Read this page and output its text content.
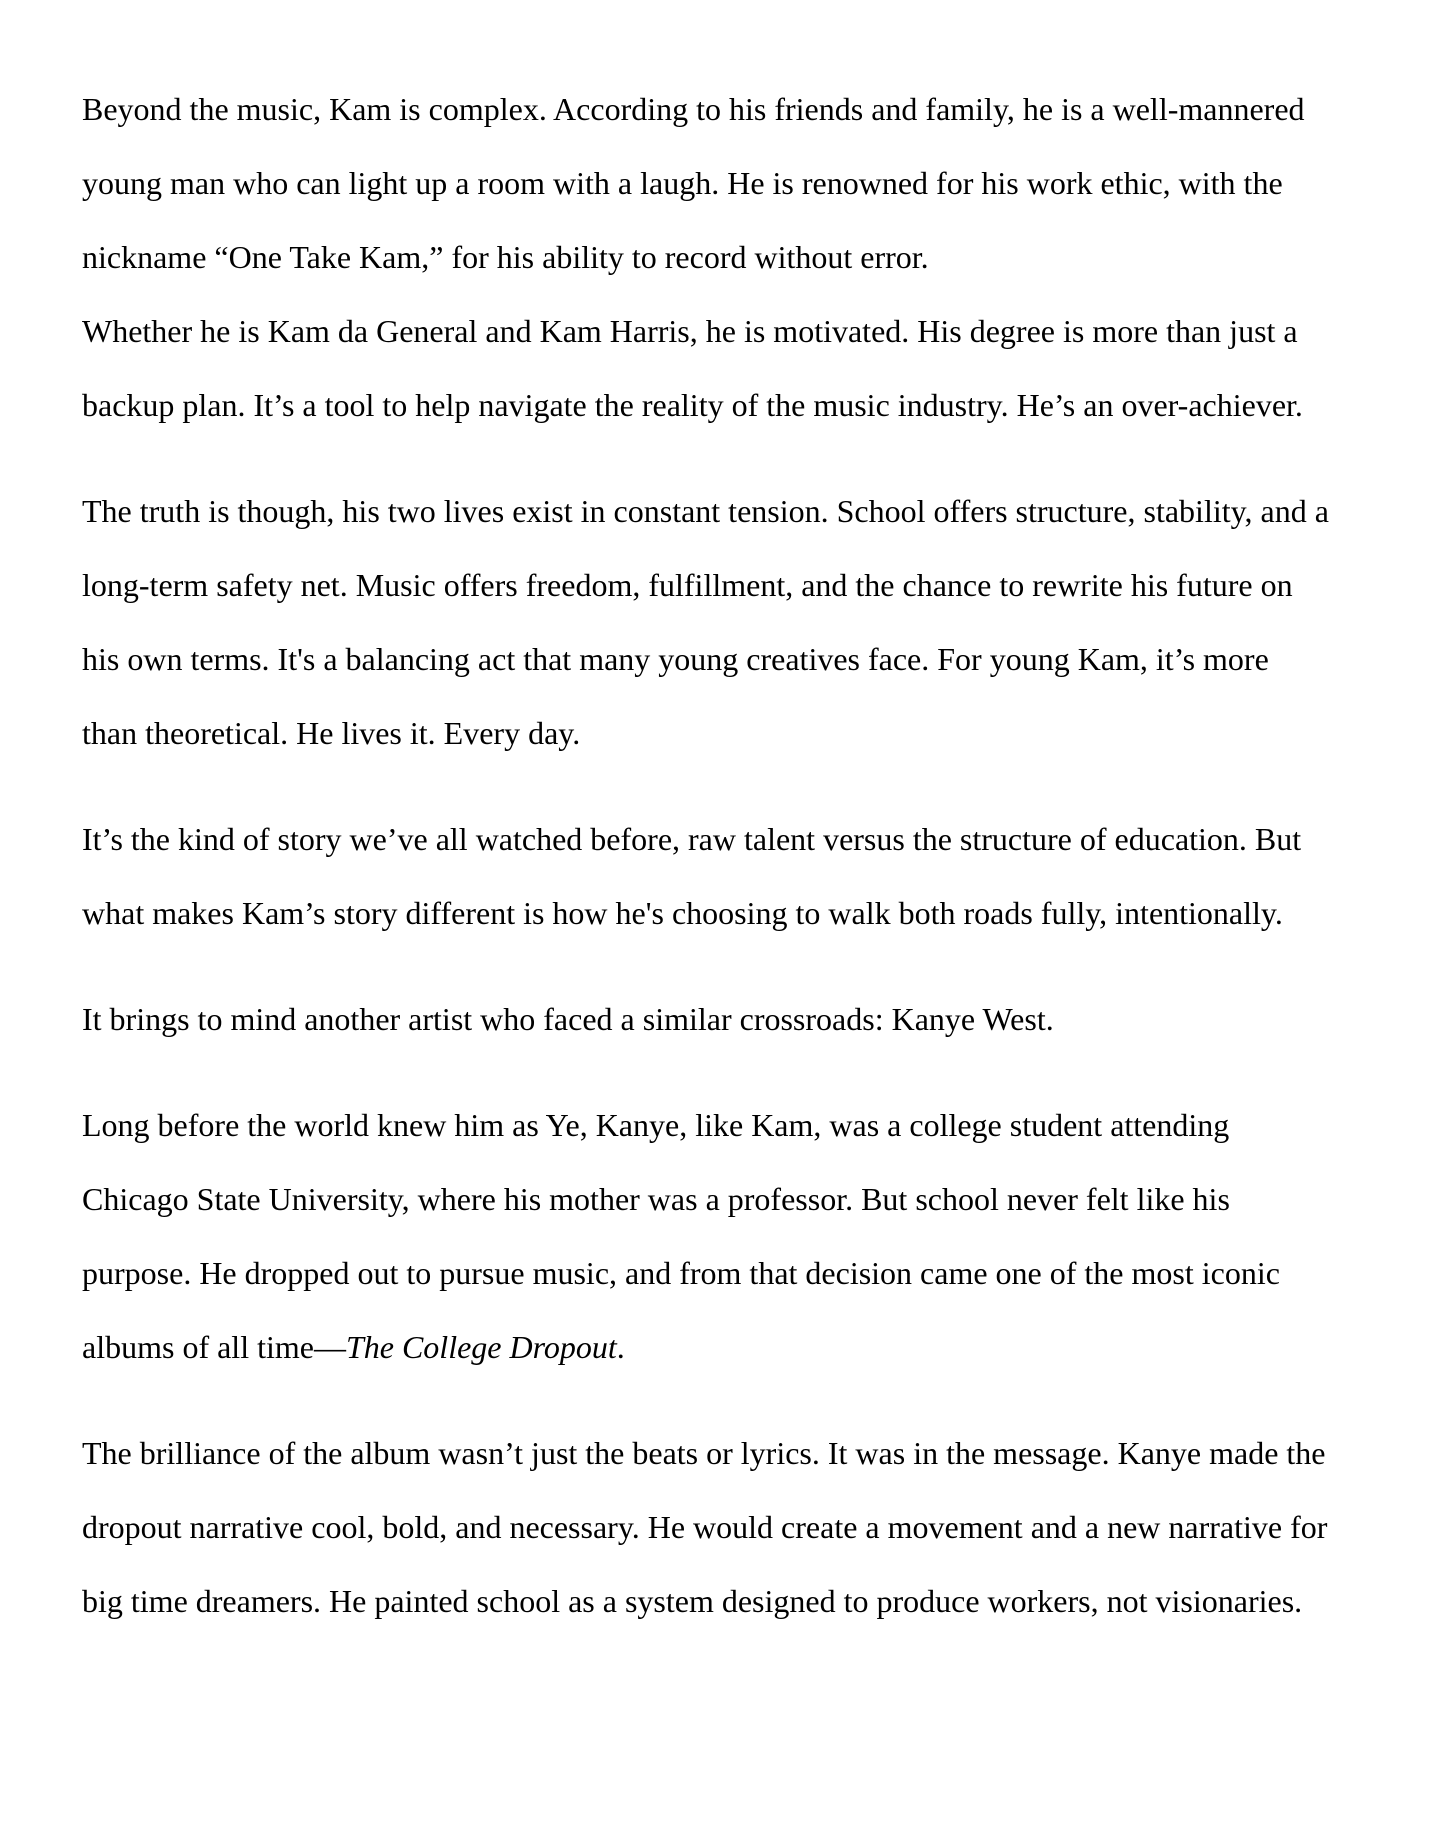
Beyond the music, Kam is complex. According to his friends and family, he is a well-mannered
young man who can light up a room with a laugh. He is renowned for his work ethic, with the
nickname “One Take Kam,” for his ability to record without error.

Whether he is Kam da General and Kam Harris, he is motivated. His degree is more than just a
backup plan. It’s a tool to help navigate the reality of the music industry. He’s an over-achiever.

The truth is though, his two lives exist in constant tension. School offers structure, stability, and a
long-term safety net. Music offers freedom, fulfillment, and the chance to rewrite his future on
his own terms. It's a balancing act that many young creatives face. For young Kam, it’s more
than theoretical. He lives it. Every day.

It’s the kind of story we’ve all watched before, raw talent versus the structure of education. But
what makes Kam’s story different is how he's choosing to walk both roads fully, intentionally.

It brings to mind another artist who faced a similar crossroads: Kanye West.

Long before the world knew him as Ye, Kanye, like Kam, was a college student attending
Chicago State University, where his mother was a professor. But school never felt like his
purpose. He dropped out to pursue music, and from that decision came one of the most iconic
albums of all time—The College Dropout.

The brilliance of the album wasn’t just the beats or lyrics. It was in the message. Kanye made the
dropout narrative cool, bold, and necessary. He would create a movement and a new narrative for
big time dreamers. He painted school as a system designed to produce workers, not visionaries.
